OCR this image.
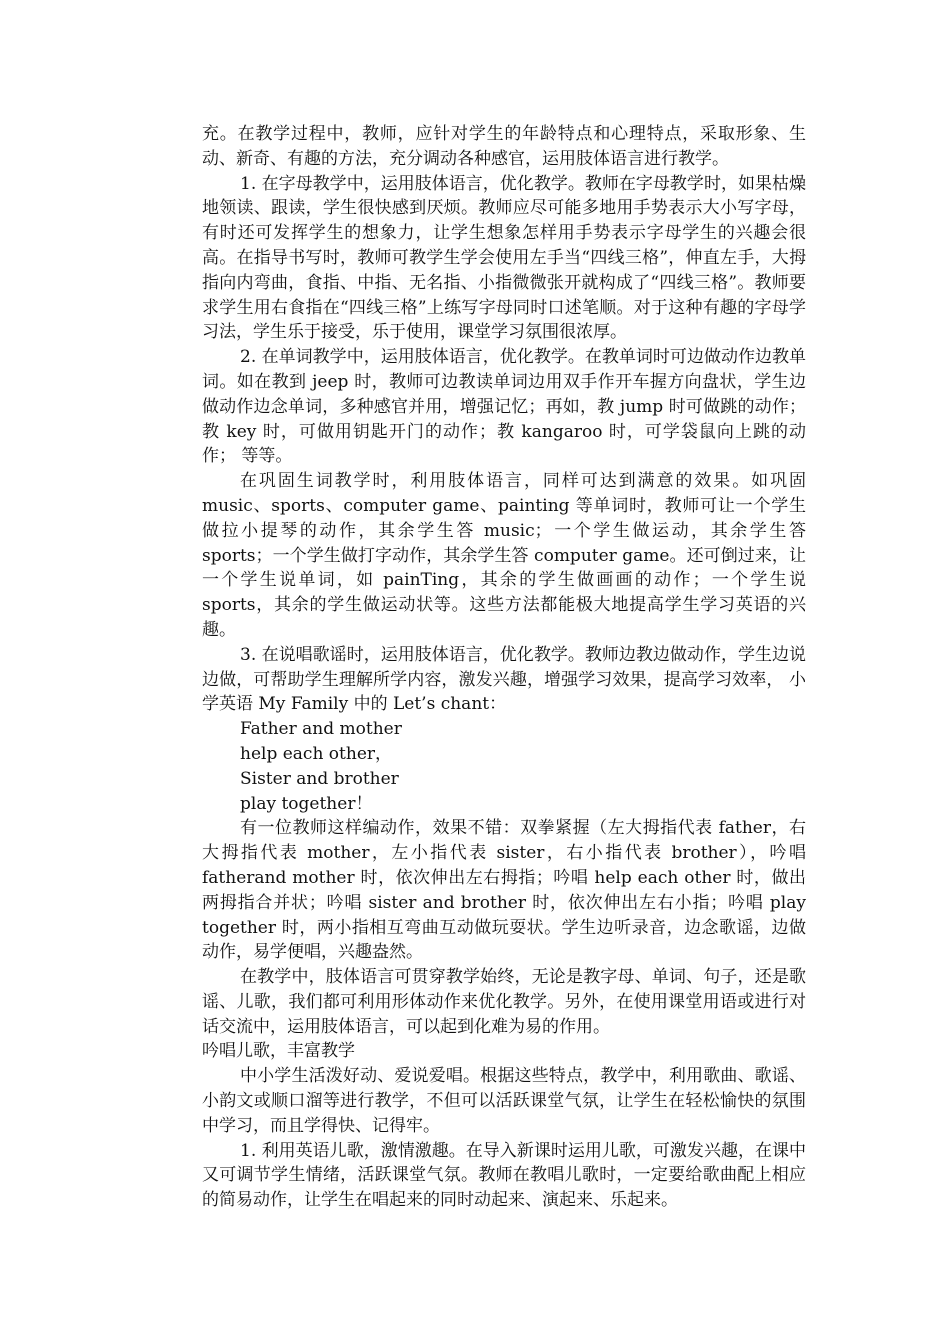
充。在教学过程中，教师，应针对学生的年龄特点和心理特点，采取形象、生动、新奇、有趣的方法，充分调动各种感官，运用肢体语言进行教学。

1. 在字母教学中，运用肢体语言，优化教学。教师在字母教学时，如果枯燥地领读、跟读，学生很快感到厌烦。教师应尽可能多地用手势表示大小写字母，有时还可发挥学生的想象力，让学生想象怎样用手势表示字母学生的兴趣会很高。在指导书写时，教师可教学生学会使用左手当“四线三格”，伸直左手，大拇指向内弯曲，食指、中指、无名指、小指微微张开就构成了“四线三格”。教师要求学生用右食指在“四线三格”上练写字母同时口述笔顺。对于这种有趣的字母学习法，学生乐于接受，乐于使用，课堂学习氛围很浓厚。

2. 在单词教学中，运用肢体语言，优化教学。在教单词时可边做动作边教单词。如在教到 jeep 时，教师可边教读单词边用双手作开车握方向盘状，学生边做动作边念单词，多种感官并用，增强记忆；再如，教 jump 时可做跳的动作；教 key 时，可做用钥匙开门的动作；教 kangaroo 时，可学袋鼠向上跳的动作； 等等。

在巩固生词教学时，利用肢体语言，同样可达到满意的效果。如巩固 music、sports、computer game、painting 等单词时，教师可让一个学生做拉小提琴的动作，其余学生答 music；一个学生做运动，其余学生答 sports；一个学生做打字动作，其余学生答 computer game。还可倒过来，让一个学生说单词，如 painTing，其余的学生做画画的动作；一个学生说 sports，其余的学生做运动状等。这些方法都能极大地提高学生学习英语的兴趣。

3. 在说唱歌谣时，运用肢体语言，优化教学。教师边教边做动作，学生边说边做，可帮助学生理解所学内容，激发兴趣，增强学习效果，提高学习效率， 小学英语 My Family 中的 Let’s chant：

Father and mother

help each other，

Sister and brother

play together！

有一位教师这样编动作，效果不错：双拳紧握（左大拇指代表 father，右大拇指代表 mother，左小指代表 sister，右小指代表 brother），吟唱 fatherand mother 时，依次伸出左右拇指；吟唱 help each other 时，做出两拇指合并状；吟唱 sister and brother 时，依次伸出左右小指；吟唱 play together 时，两小指相互弯曲互动做玩耍状。学生边听录音，边念歌谣，边做动作，易学便唱，兴趣盎然。

在教学中，肢体语言可贯穿教学始终，无论是教字母、单词、句子，还是歌谣、儿歌，我们都可利用形体动作来优化教学。另外，在使用课堂用语或进行对话交流中，运用肢体语言，可以起到化难为易的作用。

吟唱儿歌，丰富教学

中小学生活泼好动、爱说爱唱。根据这些特点，教学中，利用歌曲、歌谣、小韵文或顺口溜等进行教学，不但可以活跃课堂气氛，让学生在轻松愉快的氛围中学习，而且学得快、记得牢。

1. 利用英语儿歌，激情激趣。在导入新课时运用儿歌，可激发兴趣，在课中又可调节学生情绪，活跃课堂气氛。教师在教唱儿歌时，一定要给歌曲配上相应的简易动作，让学生在唱起来的同时动起来、演起来、乐起来。
